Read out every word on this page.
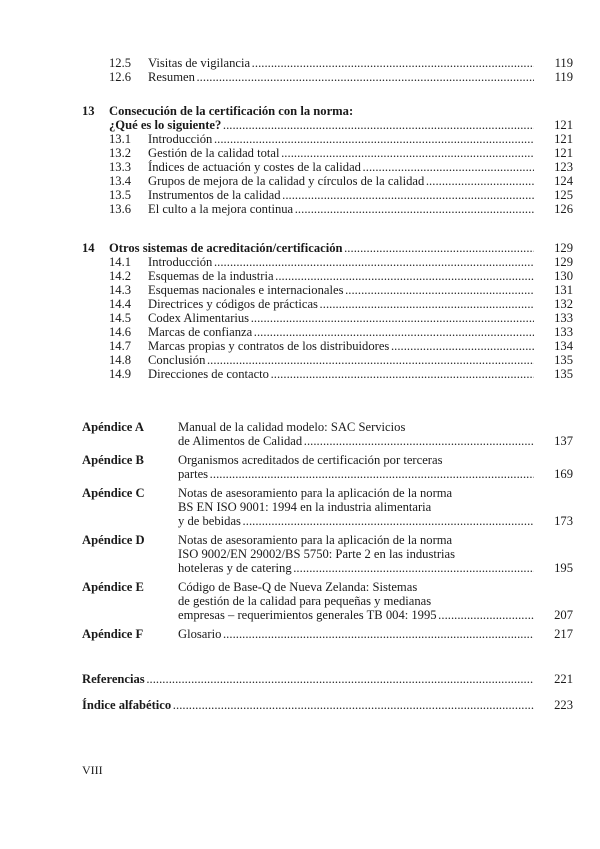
12.5	Visitas de vigilancia . . .	119
12.6	Resumen . . .	119
13	Consecución de la certificación con la norma:
¿Qué es lo siguiente? . . .	121
13.1	Introducción . . .	121
13.2	Gestión de la calidad total . . .	121
13.3	Índices de actuación y costes de la calidad . . .	123
13.4	Grupos de mejora de la calidad y círculos de la calidad . . .	124
13.5	Instrumentos de la calidad . . .	125
13.6	El culto a la mejora continua . . .	126
14	Otros sistemas de acreditación/certificación . . .	129
14.1	Introducción . . .	129
14.2	Esquemas de la industria . . .	130
14.3	Esquemas nacionales e internacionales . . .	131
14.4	Directrices y códigos de prácticas . . .	132
14.5	Codex Alimentarius . . .	133
14.6	Marcas de confianza . . .	133
14.7	Marcas propias y contratos de los distribuidores . . .	134
14.8	Conclusión . . .	135
14.9	Direcciones de contacto . . .	135
Apéndice A	Manual de la calidad modelo: SAC Servicios
de Alimentos de Calidad . . .	137
Apéndice B	Organismos acreditados de certificación por terceras
partes . . .	169
Apéndice C	Notas de asesoramiento para la aplicación de la norma
BS EN ISO 9001: 1994 en la industria alimentaria
y de bebidas . . .	173
Apéndice D	Notas de asesoramiento para la aplicación de la norma
ISO 9002/EN 29002/BS 5750: Parte 2 en las industrias
hoteleras y de catering . . .	195
Apéndice E	Código de Base-Q de Nueva Zelanda: Sistemas
de gestión de la calidad para pequeñas y medianas
empresas – requerimientos generales TB 004: 1995 . . .	207
Apéndice F	Glosario . . .	217
Referencias . . .	221
Índice alfabético . . .	223
VIII
